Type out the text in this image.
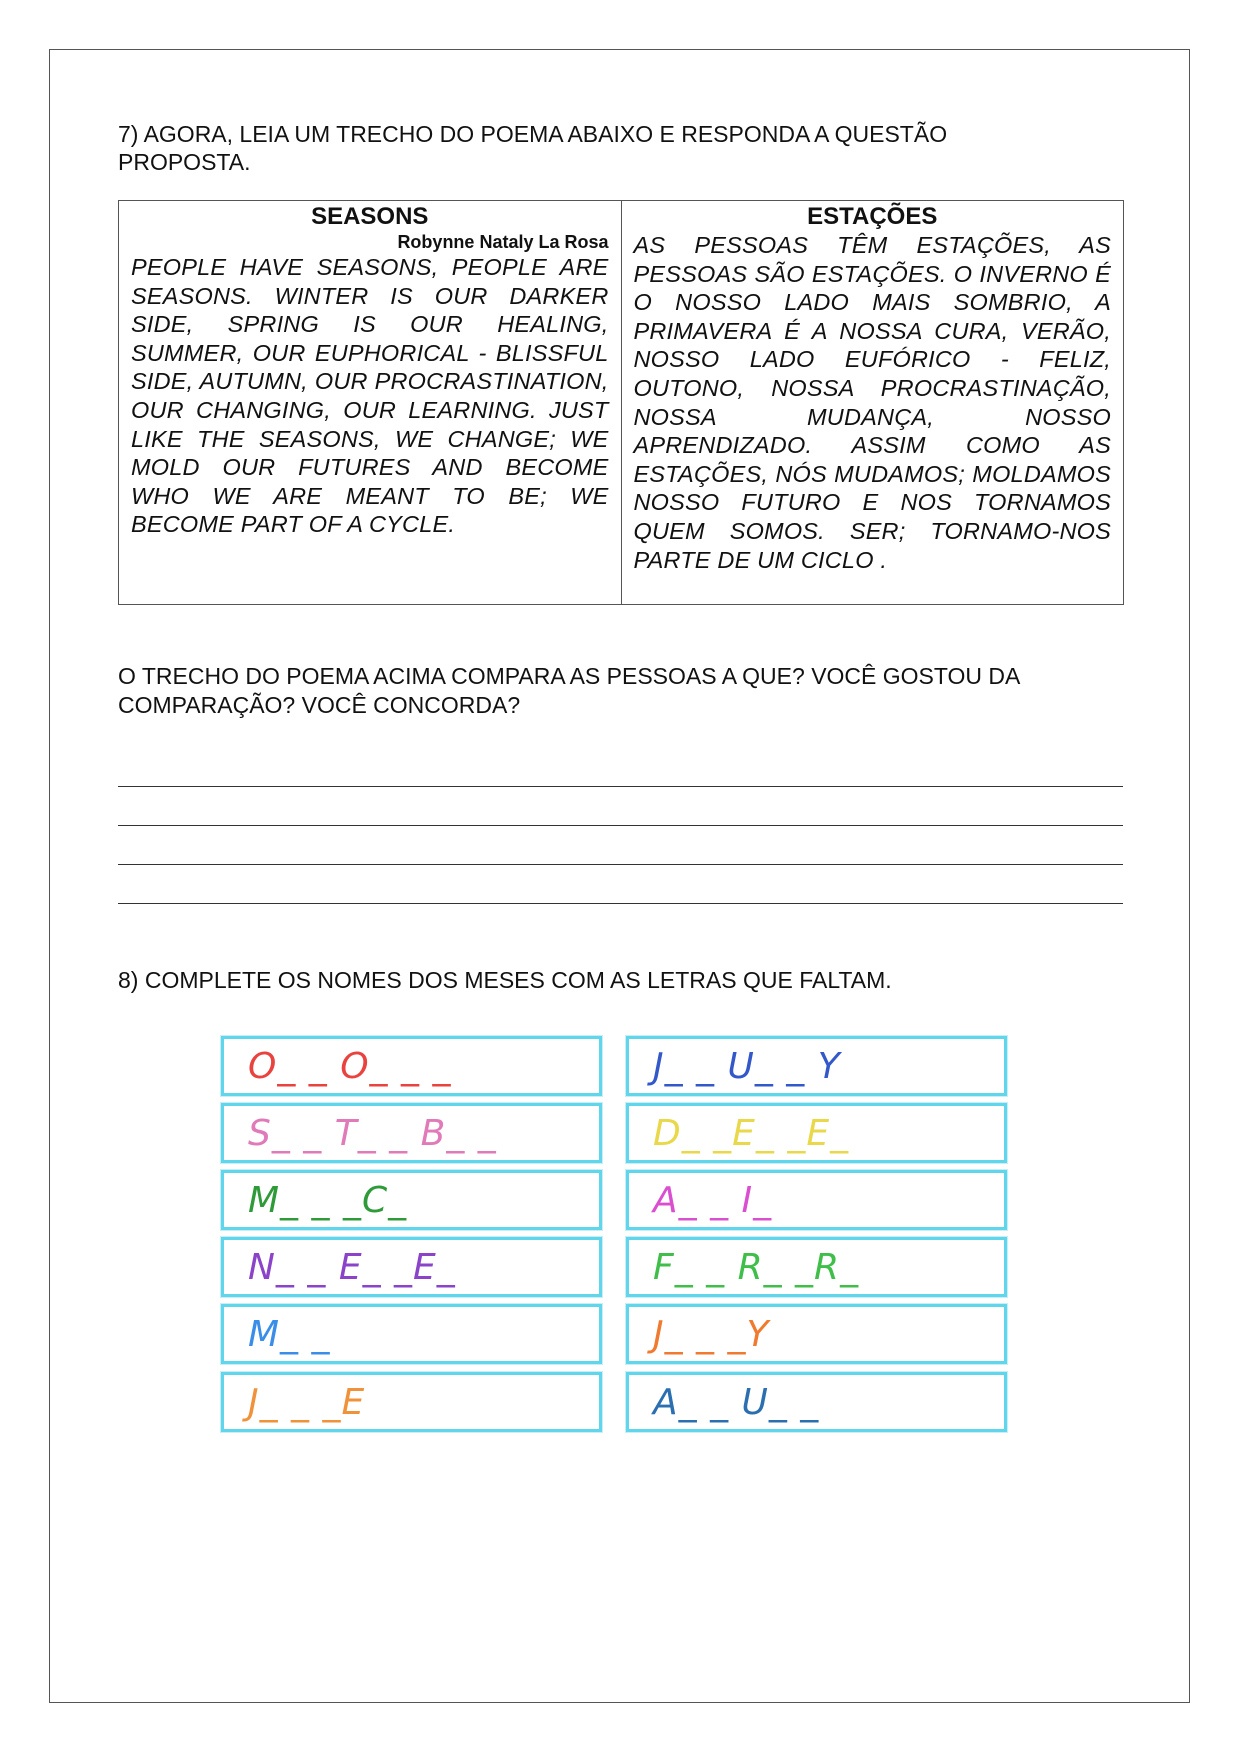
7) AGORA, LEIA UM TRECHO DO POEMA ABAIXO E RESPONDA A QUESTÃO
PROPOSTA.
SEASONS
Robynne Nataly La Rosa
PEOPLE HAVE SEASONS, PEOPLE ARE SEASONS. WINTER IS OUR DARKER SIDE, SPRING IS OUR HEALING, SUMMER, OUR EUPHORICAL - BLISSFUL SIDE, AUTUMN, OUR PROCRASTINATION, OUR CHANGING, OUR LEARNING. JUST LIKE THE SEASONS, WE CHANGE; WE MOLD OUR FUTURES AND BECOME WHO WE ARE MEANT TO BE; WE BECOME PART OF A CYCLE.

ESTAÇÕES
AS PESSOAS TÊM ESTAÇÕES, AS PESSOAS SÃO ESTAÇÕES. O INVERNO É O NOSSO LADO MAIS SOMBRIO, A PRIMAVERA É A NOSSA CURA, VERÃO, NOSSO LADO EUFÓRICO - FELIZ, OUTONO, NOSSA PROCRASTINAÇÃO, NOSSA MUDANÇA, NOSSO APRENDIZADO. ASSIM COMO AS ESTAÇÕES, NÓS MUDAMOS; MOLDAMOS NOSSO FUTURO E NOS TORNAMOS QUEM SOMOS. SER; TORNAMO-NOS PARTE DE UM CICLO .
O TRECHO DO POEMA ACIMA COMPARA AS PESSOAS A QUE? VOCÊ GOSTOU DA
COMPARAÇÃO? VOCÊ CONCORDA?
8) COMPLETE OS NOMES DOS MESES COM AS LETRAS QUE FALTAM.
O_ _ O_ _ _
S_ _ T_ _ B_ _
M_ _ _C_
N_ _ E_ _E_
M_ _
J_ _ _E
J_ _ U_ _ Y
D_ _E_ _E_
A_ _ I_
F_ _ R_ _R_
J_ _ _Y
A_ _ U_ _
